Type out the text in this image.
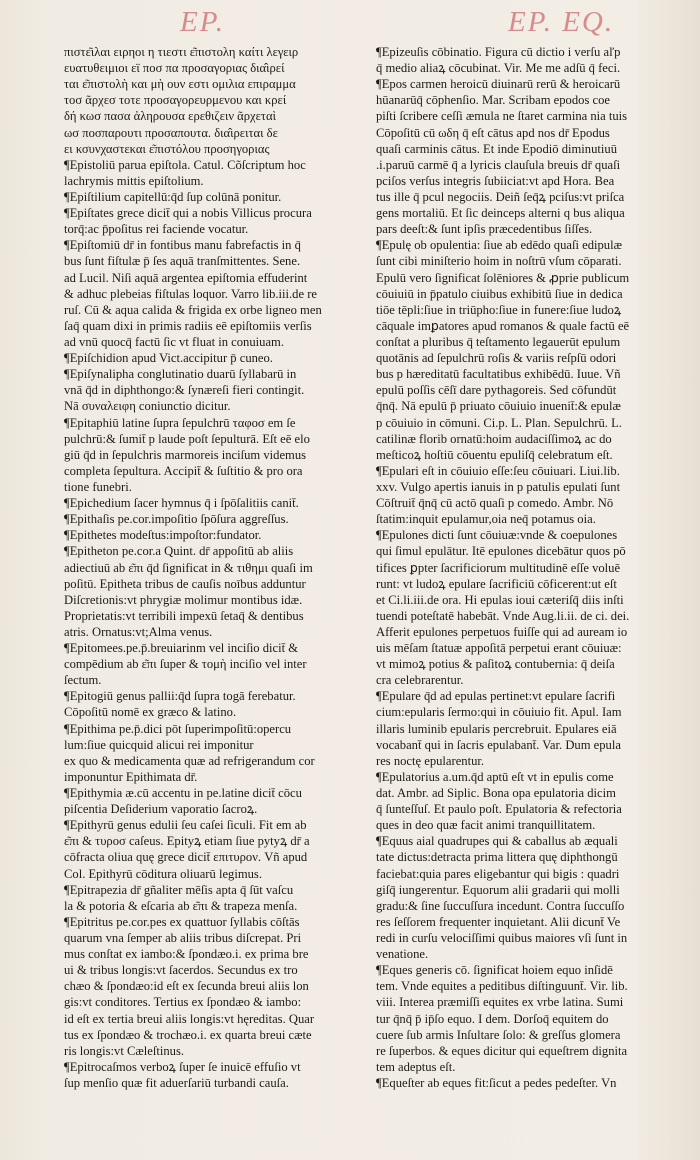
EP.	EP. EQ.
πιστε͂ιλαι ειρηοι η τιεστι ε͂πιστολη καίτι λεγειρ
ευατυθειμιοι εϊ ποσ πα προσαγοριας δια̂ιρεί
ται ε͂πιστολὴ και μὴ ουν εστι ομιλια επιραμμα
τοσ ᾶρχεσ τοτε προσαγορευρμενου και κρεί
δή κωσ πασα ἀληρουσα ερεθιζειν ᾶρχεταὶ
ωσ ποσπαρουτι προσαπουτα. δια̂ιρειται δε
ει κσυνχαστεκαι ε͂πιστόλου προσηγοριας
¶Epistoliū parua epiſtola. Catul. Cõſcriptum hoc
lachrymis mittis epiſtolium.
¶Epiſtilium capitellū:q̄d ſup colūnā ponitur.
¶Epiſtates grece dicit̄ qui a nobis Villicus procura
torq̄:ac p̄poſitus rei faciende vocatur.
¶Epiſtomiū dr̄ in fontibus manu fabrefactis in q̄
bus ſunt fiſtulæ p̄ ſes aquā tranſmittentes. Sene.
ad Lucil. Niſi aquā argentea epiſtomia effuderint
& adhuc plebeias fiſtulas loquor. Varro lib.iii.de re
ruſ. Cū & aqua calida & frigida ex orbe ligneo men
ſaq̄ quam dixi in primis radiis eē epiſtomiis verſis
ad vnū quocq̄ factū ſic vt fluat in conuiuam.
¶Epiſchidion apud Vict.accipitur p̄ cuneo.
¶Epiſynalipha conglutinatio duarū ſyllabarū in
vnā q̄d in diphthongo:& ſynæreſi fieri contingit.
Nā συναλειφη coniunctio dicitur.
¶Epitaphiū latine ſupra ſepulchrū ταφοσ em ſe
pulchrū:& ſumit̄ p laude poſt ſepulturā. Eſt eē elo
giū q̄d in ſepulchris marmoreis inciſum videmus
completa ſepultura. Accipit̄ & ſuſtitio & pro ora
tione funebri.
¶Epichedium ſacer hymnus q̄ i ſpōſalitiis canit̄.
¶Epithaſis pe.cor.impoſitio ſpōſura aggreſſus.
¶Epithetes modeſtus:impoſtor:fundator.
¶Epitheton pe.cor.a Quint. dr̄ appoſitū ab aliis
adiectiuū ab ε͂πι q̄d ſignificat in & τιθημι quaſi im
poſitū. Epitheta tribus de cauſis noībus adduntur
Diſcretionis:vt phrygiæ molimur montibus idæ.
Proprietatis:vt terribili impexū ſetaq̄ & dentibus
atris. Ornatus:vt;Alma venus.
¶Epitomees.pe.p̄.breuiarinm vel inciſio dicit̄ &
compēdium ab ε͂πι ſuper & τομὴ inciſio vel inter
ſectum.
¶Epitogiū genus pallii:q̄d ſupra togā ferebatur.
Cōpoſitū nomē ex græco & latino.
¶Epithima pe.p̄.dici pōt ſuperimpoſitū:opercu
lum:ſiue quicquid alicui rei imponitur
ex quo & medicamenta quæ ad refrigerandum cor
imponuntur Epithimata dr̄.
¶Epithymia æ.cū accentu in pe.latine dicit̄ cōcu
piſcentia Deſiderium vaporatio ſacroꝝ.
¶Epithyrū genus edulii ſeu caſei ſiculi. Fit em ab
ε͂πι & τυροσ caſeus. Epityꝝ etiam ſiue pytyꝝ dr̄ a
cōfracta oliua quę grece dicit̄ επιτυρον. Vñ apud
Col. Epithyrū cōditura oliuarū legimus.
¶Epitrapezia dr̄ gñaliter mēſis apta q̄ ſūt vaſcu
la & potoria & eſcaria ab ε͂πι & trapeza menſa.
¶Epitritus pe.cor.pes ex quattuor ſyllabis cōſtās
quarum vna ſemper ab aliis tribus diſcrepat. Pri
mus conſtat ex iambo:& ſpondæo.i. ex prima bre
ui & tribus longis:vt ſacerdos. Secundus ex tro
chæo & ſpondæo:id eſt ex ſecunda breui aliis lon
gis:vt conditores. Tertius ex ſpondæo & iambo:
id eſt ex tertia breui aliis longis:vt hęreditas. Quar
tus ex ſpondæo & trochæo.i. ex quarta breui cæte
ris longis:vt Cæleſtinus.
¶Epitrocaſmos verboꝝ ſuper ſe inuicē effuſio vt
ſup menſio quæ fit aduerſariū turbandi cauſa.
¶Epizeuſis cōbinatio. Figura cū dictio i verſu aľp
q̄ medio aliaꝝ cōcubinat. Vir. Me me adſū q̄ feci.
¶Epos carmen heroicū diuinarū rerū & heroicarū
hūanarūq̄ cōphenſio. Mar. Scribam epodos coe
piſti ſcribere ceſſi æmula ne ſtaret carmina nia tuis
Cōpoſitū cū ωδη q̄ eſt cātus apd nos dr̄ Epodus
quaſi carminis cātus. Et inde Epodiō diminutiuū
.i.paruū carmē q̄ a lyricis clauſula breuis dr̄ quaſi
pciſos verſus integris ſubiiciat:vt apd Hora. Bea
tus ille q̄ pcul negociis. Deiñ ſeq̄ꝝ pciſus:vt priſca
gens mortaliū. Et ſic deinceps alterni q bus aliqua
pars deeſt:& ſunt ipſis præcedentibus ſiſſes.
¶Epulę ob opulentia: ſiue ab edēdo quaſi edipulæ
ſunt cibi miniſterio hoim in noſtrū vſum cōparati.
Epulū vero ſignificat ſolēniores & ꝓprie publicum
cōuiuiū in p̄patulo ciuibus exhibitū ſiue in dedica
tiōe tēpli:ſiue in triūpho:ſiue in funere:ſiue ludoꝝ
cāquale imꝑatores apud romanos & quale factū eē
conſtat a pluribus q̄ teſtamento legauerūt epulum
quotānis ad ſepulchrū roſis & variis reſpſū odori
bus p hæreditatū facultatibus exhibēdū. Iuue. Vñ
epulū poſſis cēſī dare pythagoreis. Sed cōfundūt
q̄nq̄. Nā epulū p̄ priuato cōuiuio inuenit̄:& epulæ
p cōuiuio in cōmuni. Ci.p. L. Plan. Sepulchrū. L.
catilinæ florib ornatū:hoim audaciſſimoꝝ ac do
meſticoꝝ hoſtiū cōuentu epuliſq̄ celebratum eſt.
¶Epulari eſt in cōuiuio eſſe:ſeu cōuiuari. Liui.lib.
xxv. Vulgo apertis ianuis in p patulis epulati ſunt
Cōſtruit̄ q̄nq̄ cū actō quaſi p comedo. Ambr. Nō
ſtatim:inquit epulamur,oia neq̄ potamus oia.
¶Epulones dicti ſunt cōuiuæ:vnde & coepulones
qui ſimul epulātur. Itē epulones dicebātur quos pō
tifices ꝑpter ſacrificiorum multitudinē eſſe voluē
runt: vt ludoꝝ epulare ſacrificiū cōficerent:ut eſt
et Ci.li.iii.de ora. Hi epulas ioui cæteriſq̄ diis inſti
tuendi poteſtatē habebāt. Vnde Aug.li.ii. de ci. dei.
Afferit epulones perpetuos fuiſſe qui ad auream io
uis mēſam ſtatuæ appoſitā perpetui erant cōuiuæ:
vt mimoꝝ potius & paſitoꝝ contubernia: q̄ deiſa
cra celebrarentur.
¶Epulare q̄d ad epulas pertinet:vt epulare ſacrifi
cium:epularis ſermo:qui in cōuiuio fit. Apul. Iam
illaris luminib epularis percrebruit. Epulares eiā
vocabant̄ qui in ſacris epulabant̄. Var. Dum epula
res noctę epularentur.
¶Epulatorius a.um.q̄d aptū eſt vt in epulis come
dat. Ambr. ad Siplic. Bona opa epulatoria dicim
q̄ ſunteſſuſ. Et paulo poſt. Epulatoria & refectoria
ques in deo quæ facit animi tranquillitatem.
¶Equus aial quadrupes qui & caballus ab æquali
tate dictus:detracta prima littera quę diphthongū
faciebat:quia pares eligebantur qui bigis : quadri
giſq̄ iungerentur. Equorum alii gradarii qui molli
gradu:& ſine ſuccuſſura incedunt. Contra ſuccuſſo
res ſeſſorem frequenter inquietant. Alii dicunt̄ Ve
redi in curſu velociſſimi quibus maiores vſi ſunt in
venatione.
¶Eques generis cō. ſignificat hoiem equo inſidē
tem. Vnde equites a peditibus diſtinguunt̄. Vir. lib.
viii. Interea præmiſſi equites ex vrbe latina. Sumi
tur q̄nq̄ p̄ ip̄ſo equo. I dem. Dorſoq̄ equitem do
cuere ſub armis Inſultare ſolo: & greſſus glomera
re ſuperbos. & eques dicitur qui equeſtrem dignita
tem adeptus eſt.
¶Equeſter ab eques fit:ſicut a pedes pedeſter. Vn
